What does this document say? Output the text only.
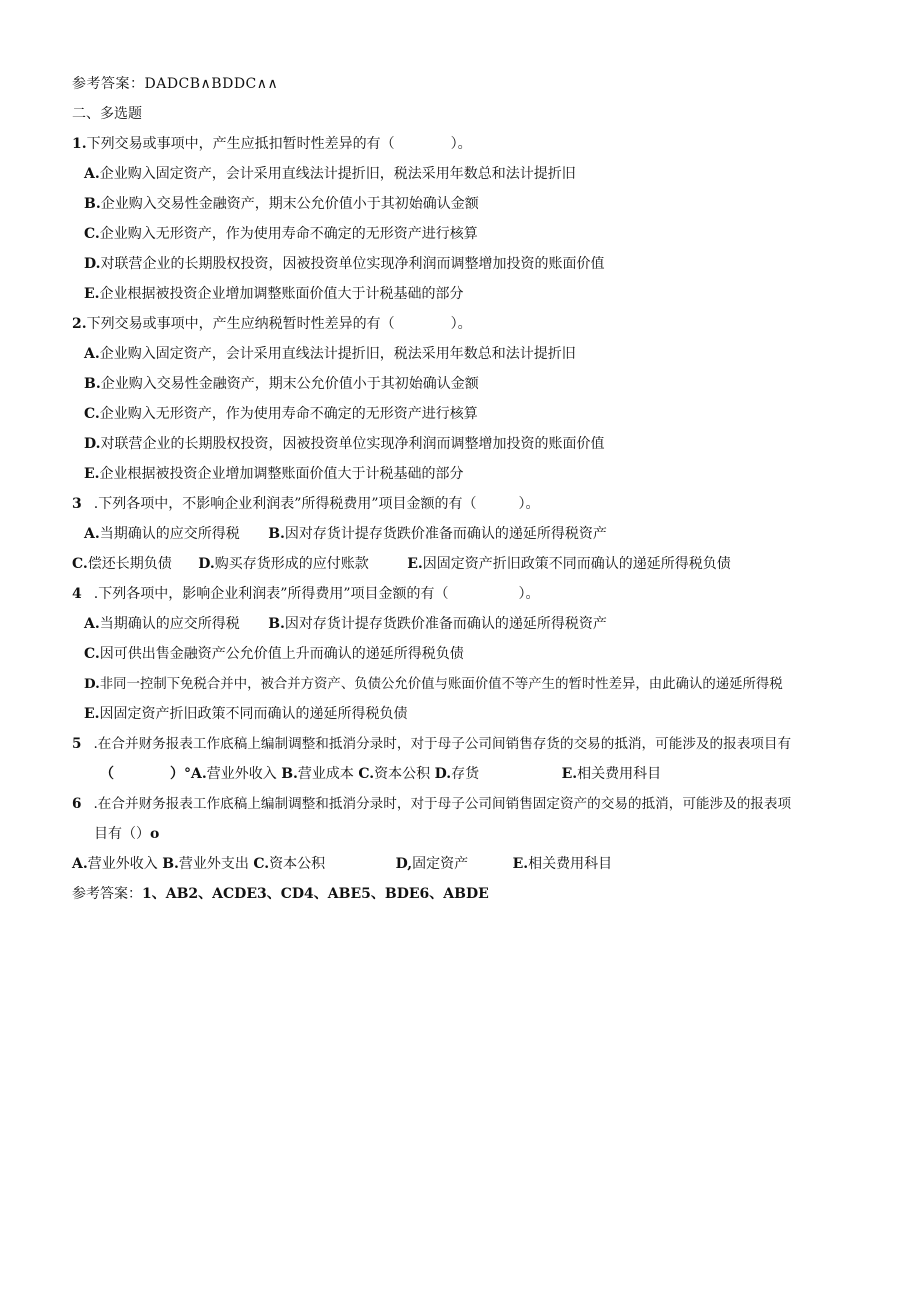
参考答案：DADCB∧BDDC∧∧
二、多选题
1.下列交易或事项中，产生应抵扣暂时性差异的有（　　　　）。
A.企业购入固定资产，会计采用直线法计提折旧，税法采用年数总和法计提折旧
B.企业购入交易性金融资产，期末公允价值小于其初始确认金额
C.企业购入无形资产，作为使用寿命不确定的无形资产进行核算
D.对联营企业的长期股权投资，因被投资单位实现净利润而调整增加投资的账面价值
E.企业根据被投资企业增加调整账面价值大于计税基础的部分
2.下列交易或事项中，产生应纳税暂时性差异的有（　　　　）。
A.企业购入固定资产，会计采用直线法计提折旧，税法采用年数总和法计提折旧
B.企业购入交易性金融资产，期末公允价值小于其初始确认金额
C.企业购入无形资产，作为使用寿命不确定的无形资产进行核算
D.对联营企业的长期股权投资，因被投资单位实现净利润而调整增加投资的账面价值
E.企业根据被投资企业增加调整账面价值大于计税基础的部分
3 .下列各项中，不影响企业利润表”所得税费用”项目金额的有（　　　）。
A.当期确认的应交所得税 B.因对存货计提存货跌价准备而确认的递延所得税资产
C.偿还长期负债 D.购买存货形成的应付账款	E.因固定资产折旧政策不同而确认的递延所得税负债
4 .下列各项中，影响企业利润表”所得费用”项目金额的有（　　　　　）。
A.当期确认的应交所得税 B.因对存货计提存货跌价准备而确认的递延所得税资产
C.因可供出售金融资产公允价值上升而确认的递延所得税负债
D.非同一控制下免税合并中，被合并方资产、负债公允价值与账面价值不等产生的暂时性差异，由此确认的递延所得税
E.因固定资产折旧政策不同而确认的递延所得税负债
5 .在合并财务报表工作底稿上编制调整和抵消分录时，对于母子公司间销售存货的交易的抵消，可能涉及的报表项目有
（　　　　）°A.营业外收入 B.营业成本 C.资本公积 D.存货	E.相关费用科目
6 .在合并财务报表工作底稿上编制调整和抵消分录时，对于母子公司间销售固定资产的交易的抵消，可能涉及的报表项
目有（）o
A.营业外收入 B.营业外支出 C.资本公积	D,固定资产	E.相关费用科目
参考答案：1、AB2、ACDE3、CD4、ABE5、BDE6、ABDE
